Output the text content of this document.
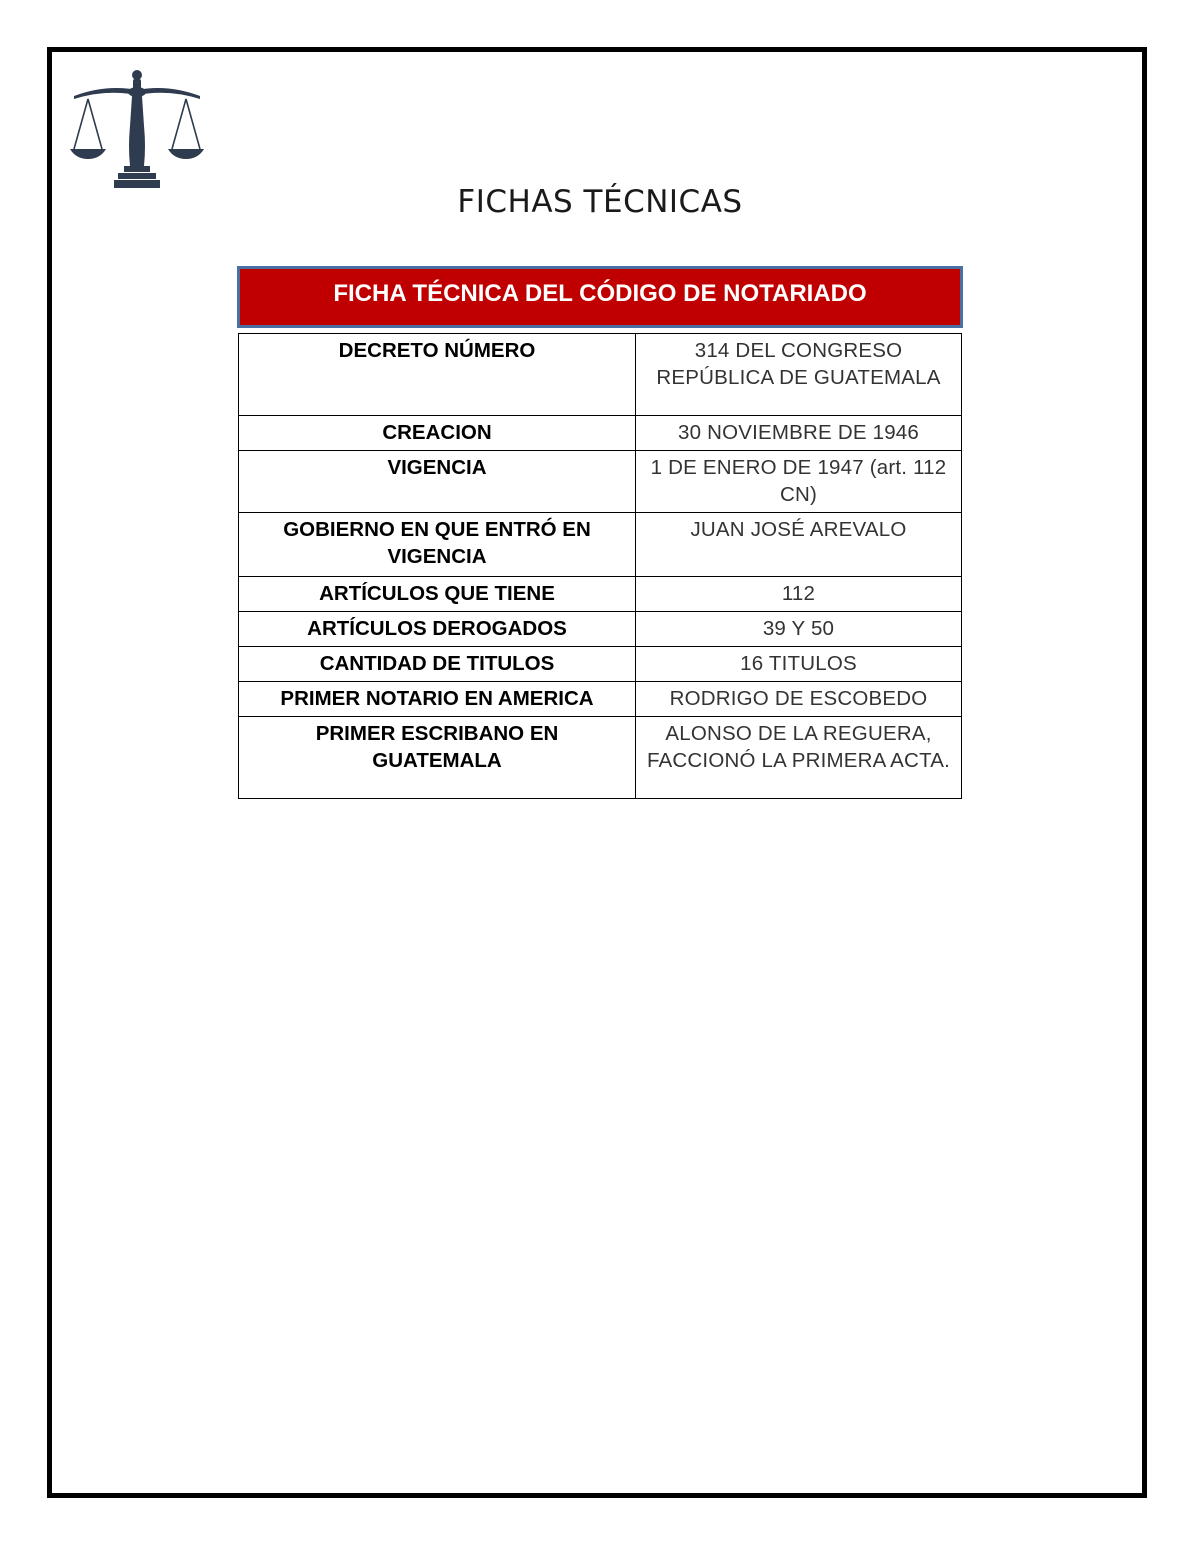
FICHAS TÉCNICAS
FICHA TÉCNICA DEL CÓDIGO DE NOTARIADO
DECRETO NÚMERO	314 DEL CONGRESO REPÚBLICA DE GUATEMALA
CREACION	30 NOVIEMBRE DE 1946
VIGENCIA	1 DE ENERO DE 1947 (art. 112 CN)
GOBIERNO EN QUE ENTRÓ EN VIGENCIA	JUAN JOSÉ AREVALO
ARTÍCULOS QUE TIENE	112
ARTÍCULOS DEROGADOS	39 Y 50
CANTIDAD DE TITULOS	16 TITULOS
PRIMER NOTARIO EN AMERICA	RODRIGO DE ESCOBEDO
PRIMER ESCRIBANO EN GUATEMALA	ALONSO DE LA REGUERA, FACCIONÓ LA PRIMERA ACTA.
